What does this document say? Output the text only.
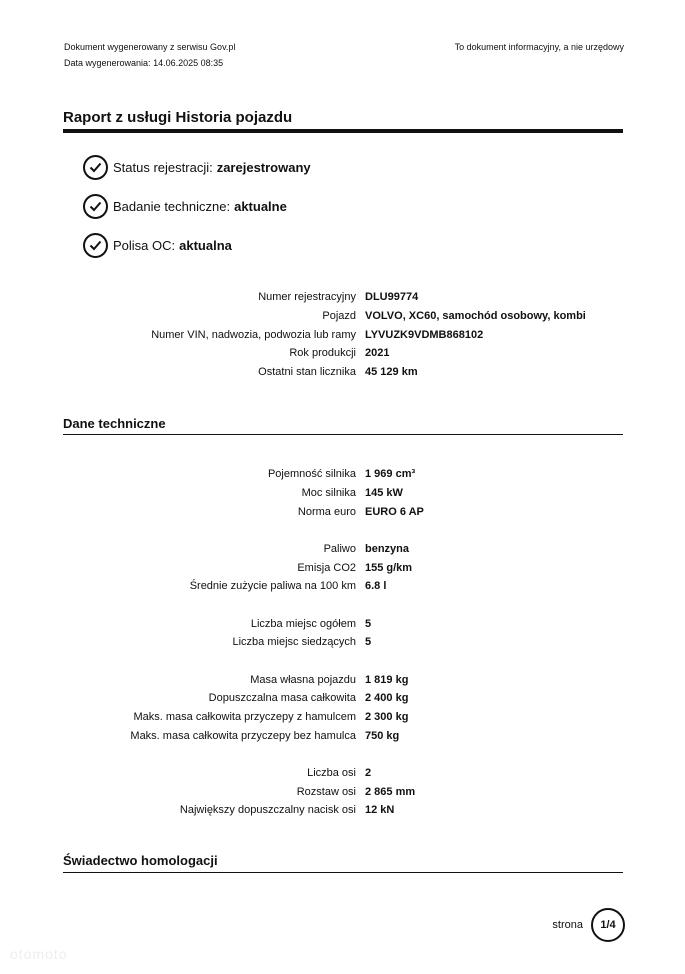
Dokument wygenerowany z serwisu Gov.pl
Data wygenerowania: 14.06.2025 08:35
To dokument informacyjny, a nie urzędowy
Raport z usługi Historia pojazdu
Status rejestracji: zarejestrowany
Badanie techniczne: aktualne
Polisa OC: aktualna
Numer rejestracyjny DLU99774
Pojazd VOLVO, XC60, samochód osobowy, kombi
Numer VIN, nadwozia, podwozia lub ramy LYVUZK9VDMB868102
Rok produkcji 2021
Ostatni stan licznika 45 129 km
Dane techniczne
Pojemność silnika 1 969 cm³
Moc silnika 145 kW
Norma euro EURO 6 AP
Paliwo benzyna
Emisja CO2 155 g/km
Średnie zużycie paliwa na 100 km 6.8 l
Liczba miejsc ogółem 5
Liczba miejsc siedzących 5
Masa własna pojazdu 1 819 kg
Dopuszczalna masa całkowita 2 400 kg
Maks. masa całkowita przyczepy z hamulcem 2 300 kg
Maks. masa całkowita przyczepy bez hamulca 750 kg
Liczba osi 2
Rozstaw osi 2 865 mm
Największy dopuszczalny nacisk osi 12 kN
Świadectwo homologacji
strona	1/4
otomoto
